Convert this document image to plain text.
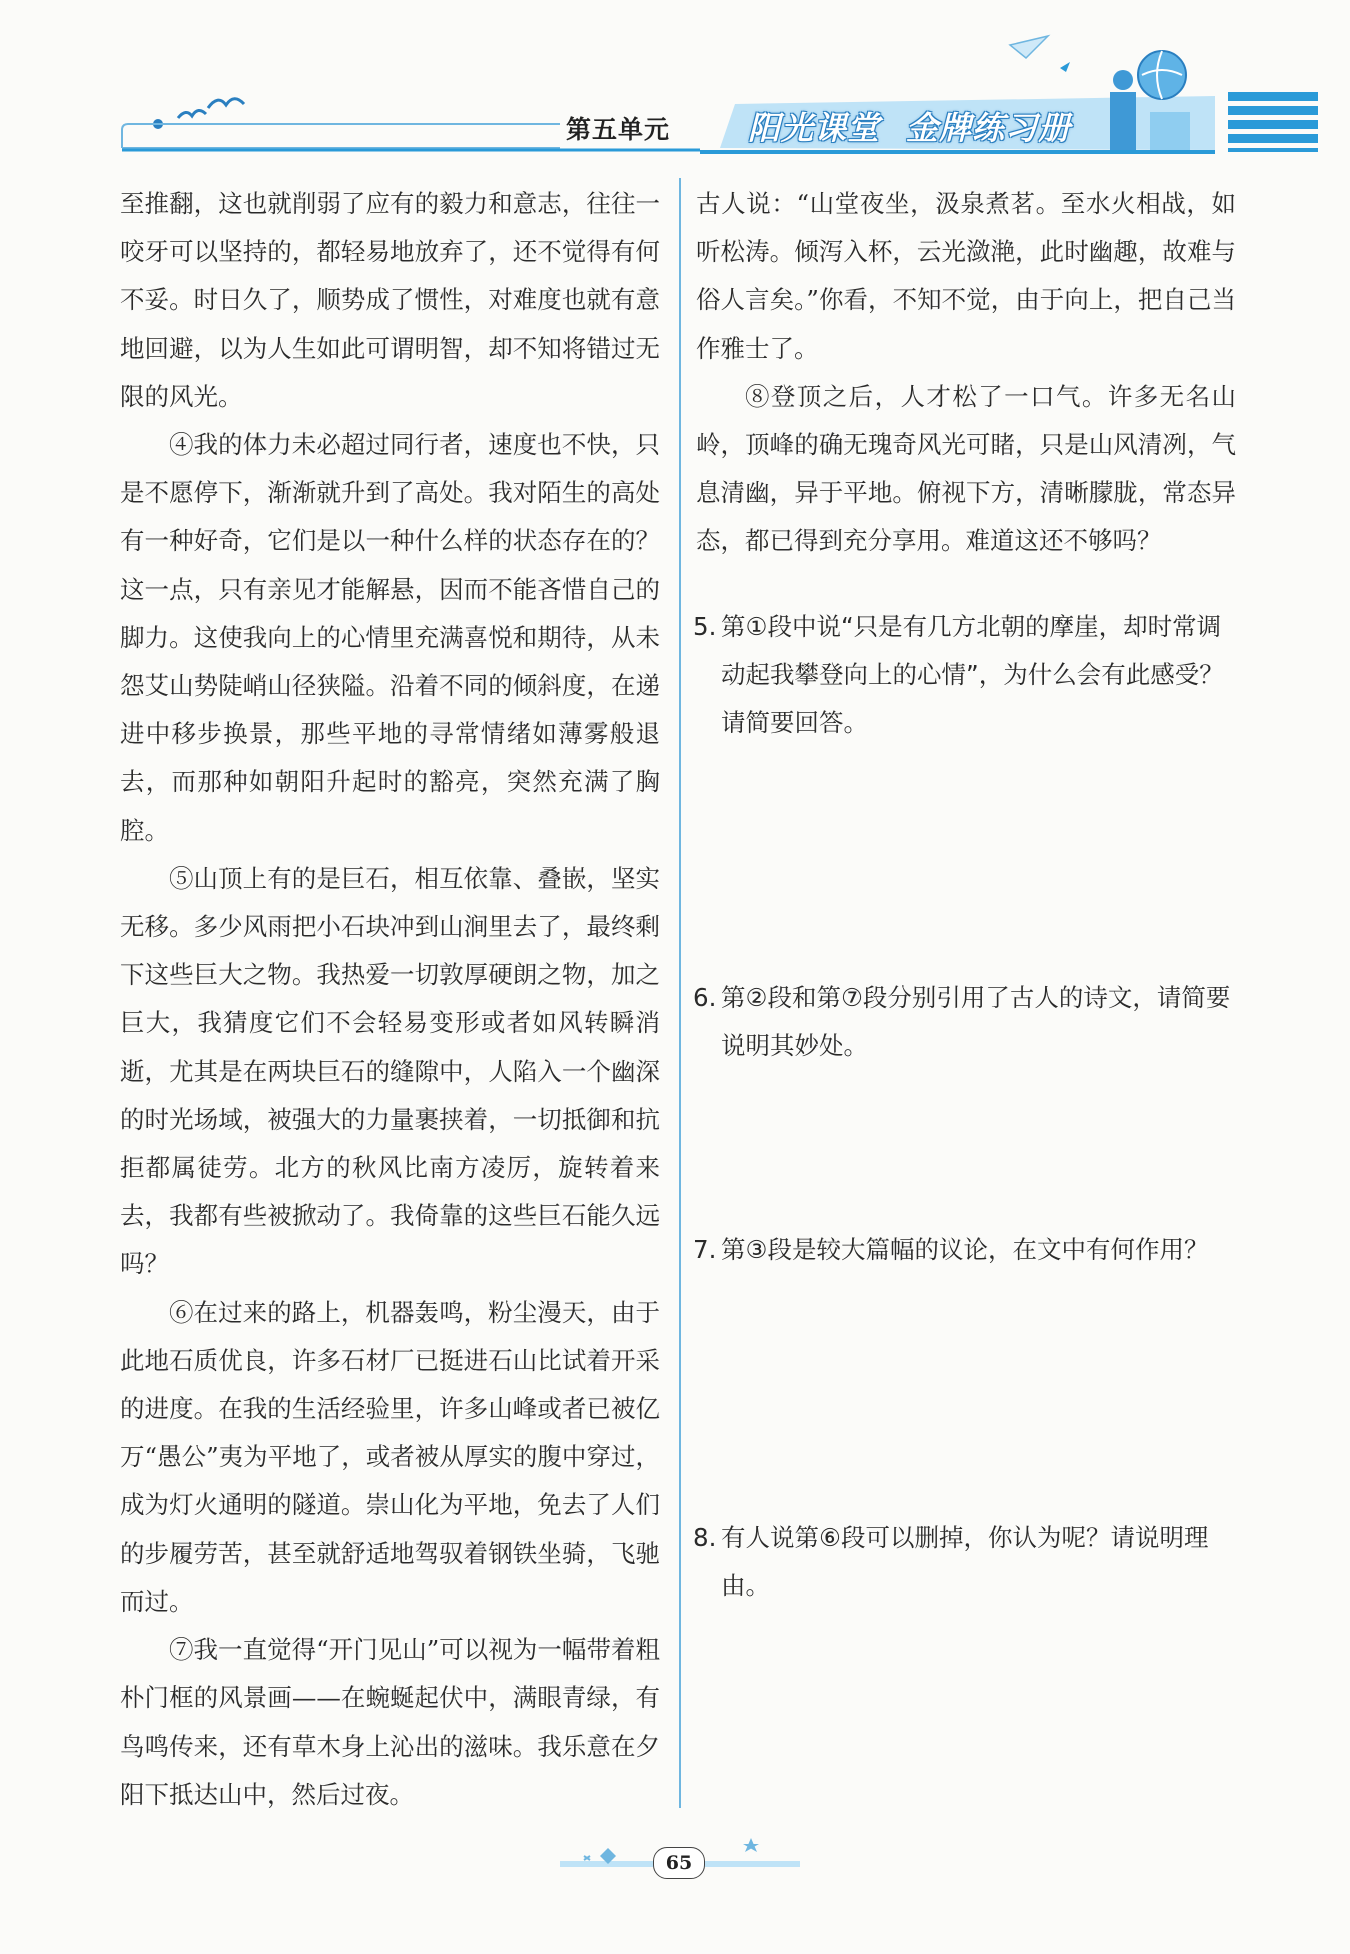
第五单元 阳光课堂 金牌练习册

至推翻，这也就削弱了应有的毅力和意志，往往一咬牙可以坚持的，都轻易地放弃了，还不觉得有何不妥。时日久了，顺势成了惯性，对难度也就有意地回避，以为人生如此可谓明智，却不知将错过无限的风光。

④我的体力未必超过同行者，速度也不快，只是不愿停下，渐渐就升到了高处。我对陌生的高处有一种好奇，它们是以一种什么样的状态存在的？这一点，只有亲见才能解悬，因而不能吝惜自己的脚力。这使我向上的心情里充满喜悦和期待，从未怨艾山势陡峭山径狭隘。沿着不同的倾斜度，在递进中移步换景，那些平地的寻常情绪如薄雾般退去，而那种如朝阳升起时的豁亮，突然充满了胸腔。

⑤山顶上有的是巨石，相互依靠、叠嵌，坚实无移。多少风雨把小石块冲到山涧里去了，最终剩下这些巨大之物。我热爱一切敦厚硬朗之物，加之巨大，我猜度它们不会轻易变形或者如风转瞬消逝，尤其是在两块巨石的缝隙中，人陷入一个幽深的时光场域，被强大的力量裹挟着，一切抵御和抗拒都属徒劳。北方的秋风比南方凌厉，旋转着来去，我都有些被掀动了。我倚靠的这些巨石能久远吗？

⑥在过来的路上，机器轰鸣，粉尘漫天，由于此地石质优良，许多石材厂已挺进石山比试着开采的进度。在我的生活经验里，许多山峰或者已被亿万“愚公”夷为平地了，或者被从厚实的腹中穿过，成为灯火通明的隧道。崇山化为平地，免去了人们的步履劳苦，甚至就舒适地驾驭着钢铁坐骑，飞驰而过。

⑦我一直觉得“开门见山”可以视为一幅带着粗朴门框的风景画——在蜿蜒起伏中，满眼青绿，有鸟鸣传来，还有草木身上沁出的滋味。我乐意在夕阳下抵达山中，然后过夜。

古人说：“山堂夜坐，汲泉煮茗。至水火相战，如听松涛。倾泻入杯，云光潋滟，此时幽趣，故难与俗人言矣。”你看，不知不觉，由于向上，把自己当作雅士了。

⑧登顶之后，人才松了一口气。许多无名山岭，顶峰的确无瑰奇风光可睹，只是山风清冽，气息清幽，异于平地。俯视下方，清晰朦胧，常态异态，都已得到充分享用。难道这还不够吗？

5. 第①段中说“只是有几方北朝的摩崖，却时常调动起我攀登向上的心情”，为什么会有此感受？请简要回答。
6. 第②段和第⑦段分别引用了古人的诗文，请简要说明其妙处。
7. 第③段是较大篇幅的议论，在文中有何作用？
8. 有人说第⑥段可以删掉，你认为呢？请说明理由。
65
